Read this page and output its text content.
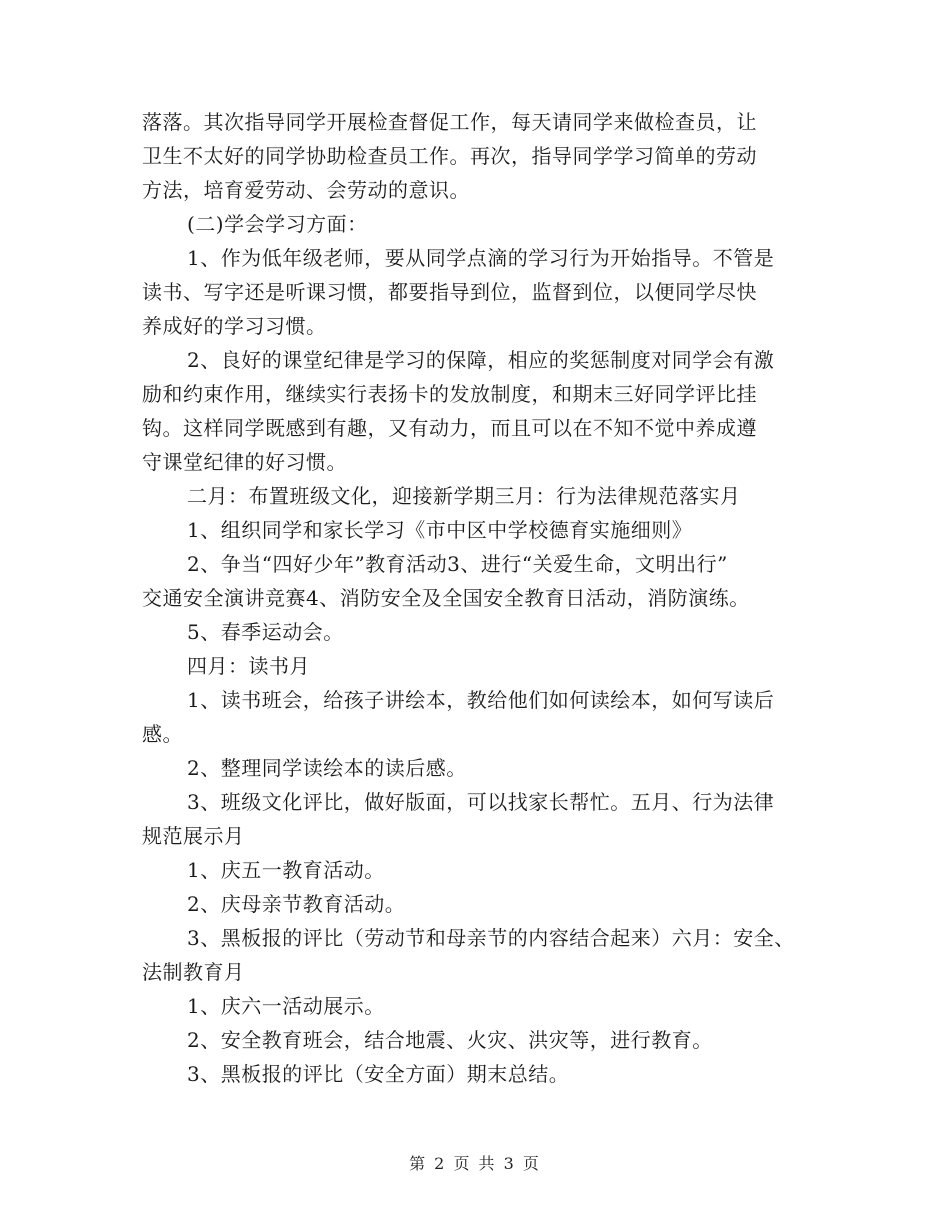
落落。其次指导同学开展检查督促工作，每天请同学来做检查员，让
卫生不太好的同学协助检查员工作。再次，指导同学学习简单的劳动
方法，培育爱劳动、会劳动的意识。
(二)学会学习方面：
1、作为低年级老师，要从同学点滴的学习行为开始指导。不管是
读书、写字还是听课习惯，都要指导到位，监督到位，以便同学尽快
养成好的学习习惯。
2、良好的课堂纪律是学习的保障，相应的奖惩制度对同学会有激
励和约束作用，继续实行表扬卡的发放制度，和期末三好同学评比挂
钩。这样同学既感到有趣，又有动力，而且可以在不知不觉中养成遵
守课堂纪律的好习惯。
二月：布置班级文化，迎接新学期三月：行为法律规范落实月
1、组织同学和家长学习《市中区中学校德育实施细则》
2、争当“四好少年”教育活动3、进行“关爱生命，文明出行”
交通安全演讲竞赛4、消防安全及全国安全教育日活动，消防演练。
5、春季运动会。
四月：读书月
1、读书班会，给孩子讲绘本，教给他们如何读绘本，如何写读后
感。
2、整理同学读绘本的读后感。
3、班级文化评比，做好版面，可以找家长帮忙。五月、行为法律
规范展示月
1、庆五一教育活动。
2、庆母亲节教育活动。
3、黑板报的评比（劳动节和母亲节的内容结合起来）六月：安全、
法制教育月
1、庆六一活动展示。
2、安全教育班会，结合地震、火灾、洪灾等，进行教育。
3、黑板报的评比（安全方面）期末总结。
第 2 页 共 3 页
